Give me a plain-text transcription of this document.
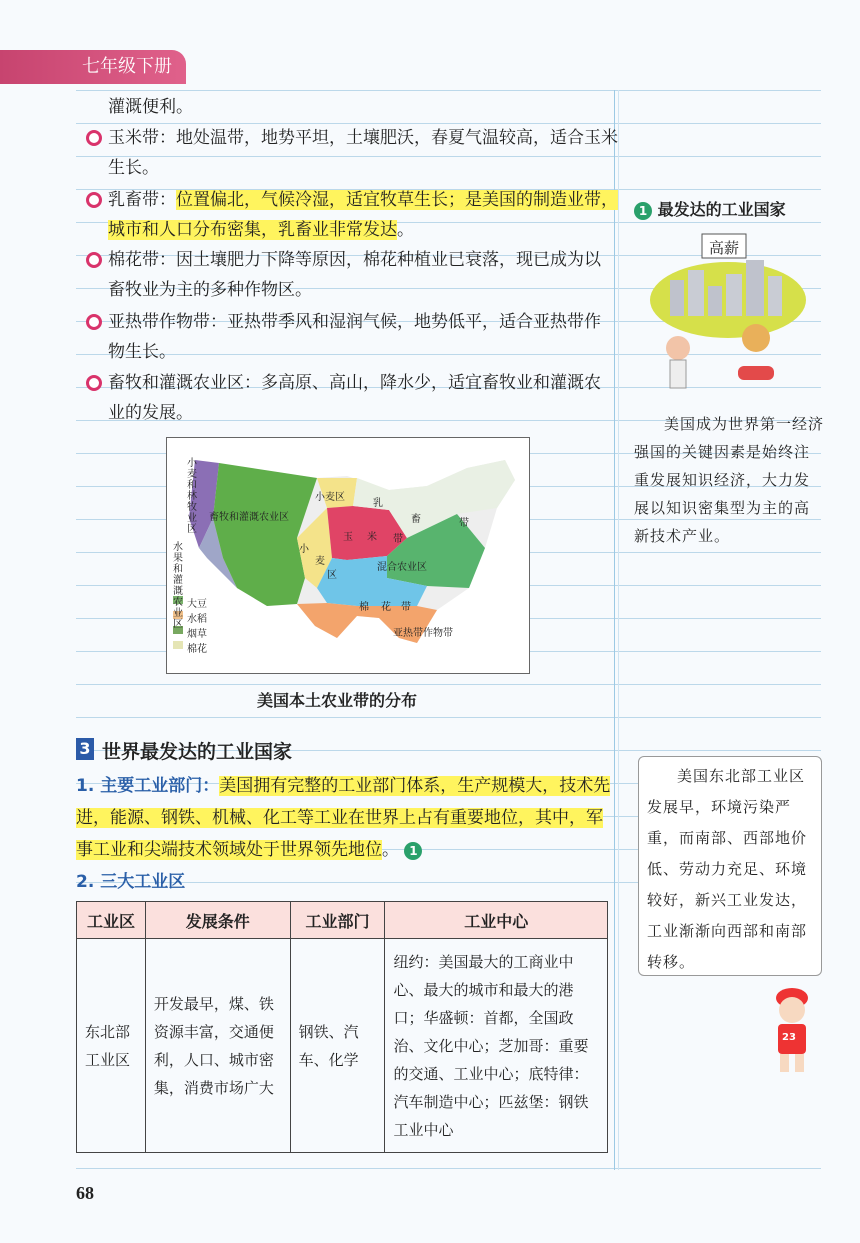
七年级下册
灌溉便利。
玉米带：地处温带，地势平坦，土壤肥沃，春夏气温较高，适合玉米
生长。
乳畜带：位置偏北，气候冷湿，适宜牧草生长；是美国的制造业带，
城市和人口分布密集，乳畜业非常发达。
棉花带：因土壤肥力下降等原因，棉花种植业已衰落，现已成为以
畜牧业为主的多种作物区。
亚热带作物带：亚热带季风和湿润气候，地势低平，适合亚热带作
物生长。
畜牧和灌溉农业区：多高原、高山，降水少，适宜畜牧业和灌溉农
业的发展。
小麦和林牧业区
水果和灌溉农业区
畜牧和灌溉农业区
小麦区
乳
畜	带
玉 米 带
小
麦
区
混合农业区
棉 花 带
亚热带作物带
大豆
水稻
烟草
棉花
美国本土农业带的分布
3 世界最发达的工业国家
1. 主要工业部门：美国拥有完整的工业部门体系，生产规模大，技术先
进，能源、钢铁、机械、化工等工业在世界上占有重要地位，其中，军
事工业和尖端技术领域处于世界领先地位。 1
2. 三大工业区
工业区	发展条件	工业部门	工业中心
东北部工业区	开发最早，煤、铁资源丰富，交通便利，人口、城市密集，消费市场广大	钢铁、汽车、化学	纽约：美国最大的工商业中心、最大的城市和最大的港口；华盛顿：首都，全国政治、文化中心；芝加哥：重要的交通、工业中心；底特律：汽车制造中心；匹兹堡：钢铁工业中心
1 最发达的工业国家
高薪
美国成为世界第一经济强国的关键因素是始终注重发展知识经济，大力发展以知识密集型为主的高新技术产业。
美国东北部工业区发展早，环境污染严重，而南部、西部地价低、劳动力充足、环境较好，新兴工业发达，工业渐渐向西部和南部转移。
23
68
